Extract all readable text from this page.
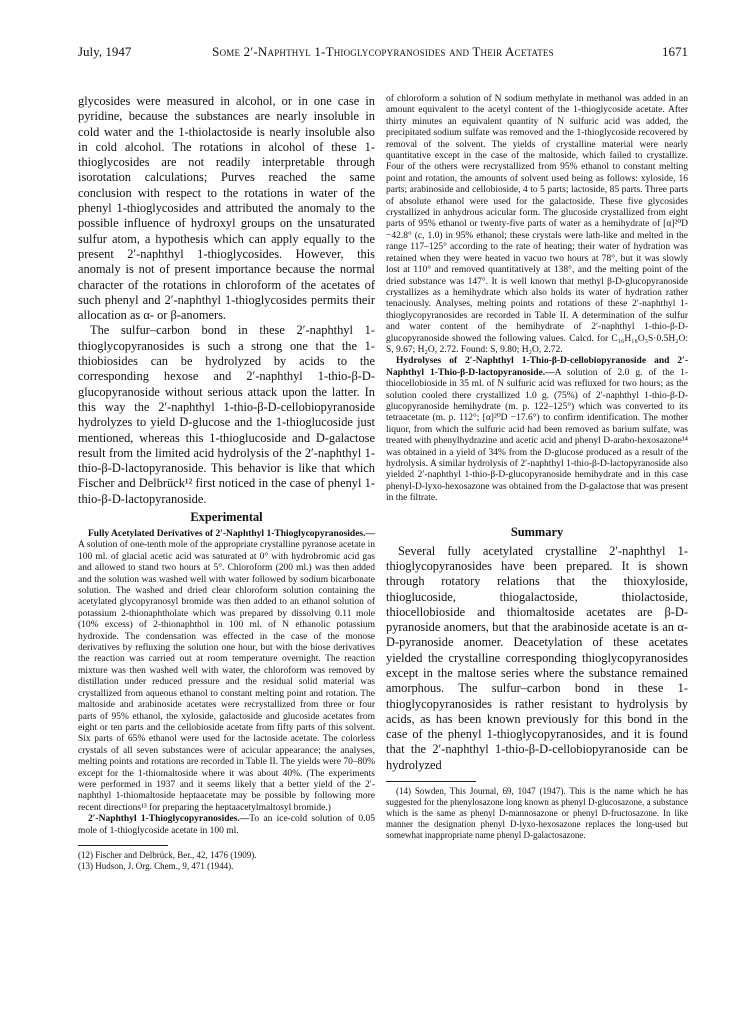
July, 1947	Some 2′-Naphthyl 1-Thioglycopyranosides and Their Acetates	1671

glycosides were measured in alcohol, or in one case in pyridine, because the substances are nearly insoluble in cold water and the 1-thiolactoside is nearly insoluble also in cold alcohol. The rotations in alcohol of these 1-thioglycosides are not readily interpretable through isorotation calculations; Purves reached the same conclusion with respect to the rotations in water of the phenyl 1-thioglycosides and attributed the anomaly to the possible influence of hydroxyl groups on the unsaturated sulfur atom, a hypothesis which can apply equally to the present 2′-naphthyl 1-thioglycosides. However, this anomaly is not of present importance because the normal character of the rotations in chloroform of the acetates of such phenyl and 2′-naphthyl 1-thioglycosides permits their allocation as α- or β-anomers.

The sulfur–carbon bond in these 2′-naphthyl 1-thioglycopyranosides is such a strong one that the 1-thiobiosides can be hydrolyzed by acids to the corresponding hexose and 2′-naphthyl 1-thio-β-D-glucopyranoside without serious attack upon the latter. In this way the 2′-naphthyl 1-thio-β-D-cellobiopyranoside hydrolyzes to yield D-glucose and the 1-thioglucoside just mentioned, whereas this 1-thioglucoside and D-galactose result from the limited acid hydrolysis of the 2′-naphthyl 1-thio-β-D-lactopyranoside. This behavior is like that which Fischer and Delbrück¹² first noticed in the case of phenyl 1-thio-β-D-lactopyranoside.

Experimental

Fully Acetylated Derivatives of 2′-Naphthyl 1-Thioglycopyranosides.—A solution of one-tenth mole of the appropriate crystalline pyranose acetate in 100 ml. of glacial acetic acid was saturated at 0° with hydrobromic acid gas and allowed to stand two hours at 5°. Chloroform (200 ml.) was then added and the solution was washed well with water followed by sodium bicarbonate solution. The washed and dried clear chloroform solution containing the acetylated glycopyranosyl bromide was then added to an ethanol solution of potassium 2-thionaphtholate which was prepared by dissolving 0.11 mole (10% excess) of 2-thionaphthol in 100 ml. of N ethanolic potassium hydroxide. The condensation was effected in the case of the monose derivatives by refluxing the solution one hour, but with the biose derivatives the reaction was carried out at room temperature overnight. The reaction mixture was then washed well with water, the chloroform was removed by distillation under reduced pressure and the residual solid material was crystallized from aqueous ethanol to constant melting point and rotation. The maltoside and arabinoside acetates were recrystallized from three or four parts of 95% ethanol, the xyloside, galactoside and glucoside acetates from eight or ten parts and the cellobioside acetate from fifty parts of this solvent. Six parts of 65% ethanol were used for the lactoside acetate. The colorless crystals of all seven substances were of acicular appearance; the analyses, melting points and rotations are recorded in Table II. The yields were 70–80% except for the 1-thiomaltoside where it was about 40%. (The experiments were performed in 1937 and it seems likely that a better yield of the 2′-naphthyl 1-thiomaltoside heptaacetate may be possible by following more recent directions¹³ for preparing the heptaacetylmaltosyl bromide.)

2′-Naphthyl 1-Thioglycopyranosides.—To an ice-cold solution of 0.05 mole of 1-thioglycoside acetate in 100 ml.

(12) Fischer and Delbrück, Ber., 42, 1476 (1909).

(13) Hudson, J. Org. Chem., 9, 471 (1944).

of chloroform a solution of N sodium methylate in methanol was added in an amount equivalent to the acetyl content of the 1-thioglycoside acetate. After thirty minutes an equivalent quantity of N sulfuric acid was added, the precipitated sodium sulfate was removed and the 1-thioglycoside recovered by removal of the solvent. The yields of crystalline material were nearly quantitative except in the case of the maltoside, which failed to crystallize. Four of the others were recrystallized from 95% ethanol to constant melting point and rotation, the amounts of solvent used being as follows: xyloside, 16 parts; arabinoside and cellobioside, 4 to 5 parts; lactoside, 85 parts. Three parts of absolute ethanol were used for the galactoside. These five glycosides crystallized in anhydrous acicular form. The glucoside crystallized from eight parts of 95% ethanol or twenty-five parts of water as a hemihydrate of [α]²⁰D −42.8° (c, 1.0) in 95% ethanol; these crystals were lath-like and melted in the range 117–125° according to the rate of heating; their water of hydration was retained when they were heated in vacuo two hours at 78°, but it was slowly lost at 110° and removed quantitatively at 138°, and the melting point of the dried substance was 147°. It is well known that methyl β-D-glucopyranoside crystallizes as a hemihydrate which also holds its water of hydration rather tenaciously. Analyses, melting points and rotations of these 2′-naphthyl 1-thioglycopyranosides are recorded in Table II. A determination of the sulfur and water content of the hemihydrate of 2′-naphthyl 1-thio-β-D-glucopyranoside showed the following values. Calcd. for C₁₆H₁₈O₅S·0.5H₂O: S, 9.67; H₂O, 2.72. Found: S, 9.80; H₂O, 2.72.

Hydrolyses of 2′-Naphthyl 1-Thio-β-D-cellobiopyranoside and 2′-Naphthyl 1-Thio-β-D-lactopyranoside.—A solution of 2.0 g. of the 1-thiocellobioside in 35 ml. of N sulfuric acid was refluxed for two hours; as the solution cooled there crystallized 1.0 g. (75%) of 2′-naphthyl 1-thio-β-D-glucopyranoside hemihydrate (m. p. 122–125°) which was converted to its tetraacetate (m. p. 112°; [α]²⁰D −17.6°) to confirm identification. The mother liquor, from which the sulfuric acid had been removed as barium sulfate, was treated with phenylhydrazine and acetic acid and phenyl D-arabo-hexosazone¹⁴ was obtained in a yield of 34% from the D-glucose produced as a result of the hydrolysis. A similar hydrolysis of 2′-naphthyl 1-thio-β-D-lactopyranoside also yielded 2′-naphthyl 1-thio-β-D-glucopyranoside hemihydrate and in this case phenyl-D-lyxo-hexosazone was obtained from the D-galactose that was present in the filtrate.

Summary

Several fully acetylated crystalline 2′-naphthyl 1-thioglycopyranosides have been prepared. It is shown through rotatory relations that the thioxyloside, thioglucoside, thiogalactoside, thiolactoside, thiocellobioside and thiomaltoside acetates are β-D-pyranoside anomers, but that the arabinoside acetate is an α-D-pyranoside anomer. Deacetylation of these acetates yielded the crystalline corresponding thioglycopyranosides except in the maltose series where the substance remained amorphous. The sulfur–carbon bond in these 1-thioglycopyranosides is rather resistant to hydrolysis by acids, as has been known previously for this bond in the case of the phenyl 1-thioglycopyranosides, and it is found that the 2′-naphthyl 1-thio-β-D-cellobiopyranoside can be hydrolyzed

(14) Sowden, This Journal, 69, 1047 (1947). This is the name which he has suggested for the phenylosazone long known as phenyl D-glucosazone, a substance which is the same as phenyl D-mannosazone or phenyl D-fructosazone. In like manner the designation phenyl D-lyxo-hexosazone replaces the long-used but somewhat inappropriate name phenyl D-galactosazone.
